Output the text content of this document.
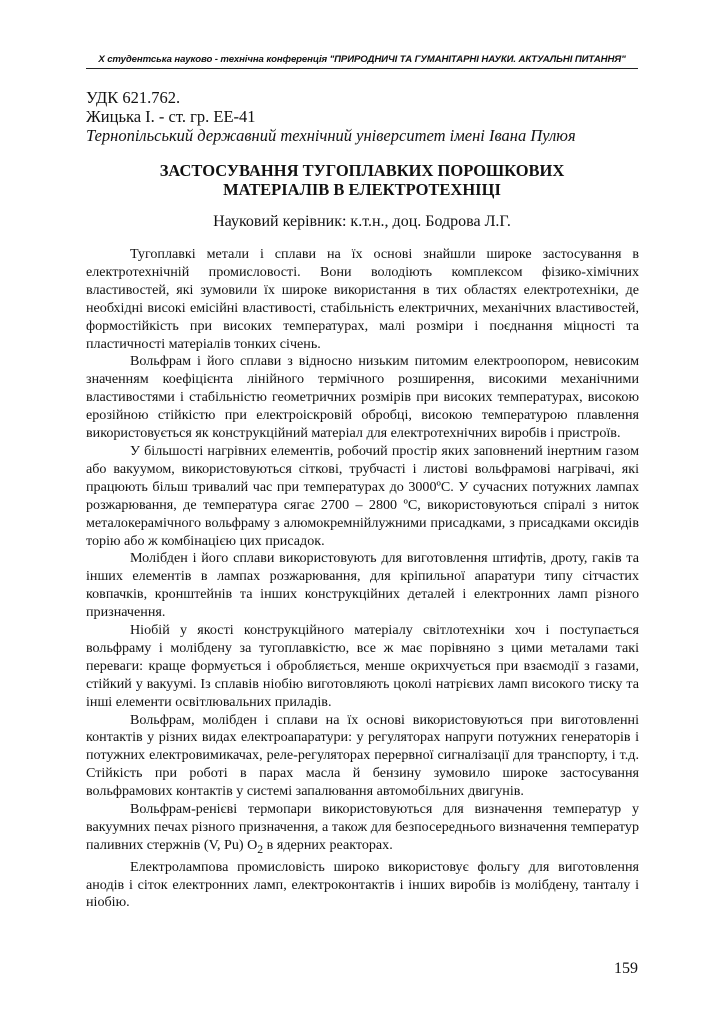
Х студентська науково - технічна конференція "ПРИРОДНИЧІ ТА ГУМАНІТАРНІ НАУКИ. АКТУАЛЬНІ ПИТАННЯ"
УДК 621.762.
Жицька І. - ст. гр. ЕЕ-41
Тернопільський державний технічний університет імені Івана Пулюя
ЗАСТОСУВАННЯ ТУГОПЛАВКИХ ПОРОШКОВИХ
МАТЕРІАЛІВ В ЕЛЕКТРОТЕХНІЦІ
Науковий керівник: к.т.н., доц. Бодрова Л.Г.

Тугоплавкі метали і сплави на їх основі знайшли широке застосування в електротехнічній промисловості. Вони володіють комплексом фізико-хімічних властивостей, які зумовили їх широке використання в тих областях електротехніки, де необхідні високі емісійні властивості, стабільність електричних, механічних властивостей, формостійкість при високих температурах, малі розміри і поєднання міцності та пластичності матеріалів тонких січень.

Вольфрам і його сплави з відносно низьким питомим електроопором, невисоким значенням коефіцієнта лінійного термічного розширення, високими механічними властивостями і стабільністю геометричних розмірів при високих температурах, високою ерозійною стійкістю при електроіскровій обробці, високою температурою плавлення використовується як конструкційний матеріал для електротехнічних виробів і пристроїв.

У більшості нагрівних елементів, робочий простір яких заповнений інертним газом або вакуумом, використовуються сіткові, трубчасті і листові вольфрамові нагрівачі, які працюють більш тривалий час при температурах до 3000ºС. У сучасних потужних лампах розжарювання, де температура сягає 2700 – 2800 ºС, використовуються спіралі з ниток металокерамічного вольфраму з алюмокремнійлужними присадками, з присадками оксидів торію або ж комбінацією цих присадок.

Молібден і його сплави використовують для виготовлення штифтів, дроту, гаків та інших елементів в лампах розжарювання, для кріпильної апаратури типу сітчастих ковпачків, кронштейнів та інших конструкційних деталей і електронних ламп різного призначення.

Ніобій у якості конструкційного матеріалу світлотехніки хоч і поступається вольфраму і молібдену за тугоплавкістю, все ж має порівняно з цими металами такі переваги: краще формується і обробляється, менше окрихчується при взаємодії з газами, стійкий у вакуумі. Із сплавів ніобію виготовляють цоколі натрієвих ламп високого тиску та інші елементи освітлювальних приладів.

Вольфрам, молібден і сплави на їх основі використовуються при виготовленні контактів у різних видах електроапаратури: у регуляторах напруги потужних генераторів і потужних електровимикачах, реле-регуляторах перервної сигналізації для транспорту, і т.д. Стійкість при роботі в парах масла й бензину зумовило широке застосування вольфрамових контактів у системі запалювання автомобільних двигунів.

Вольфрам-ренієві термопари використовуються для визначення температур у вакуумних печах різного призначення, а також для безпосереднього визначення температур паливних стержнів (V, Pu) $O_2$ в ядерних реакторах.

Електролампова промисловість широко використовує фольгу для виготовлення анодів і сіток електронних ламп, електроконтактів і інших виробів із молібдену, танталу і ніобію.

159
